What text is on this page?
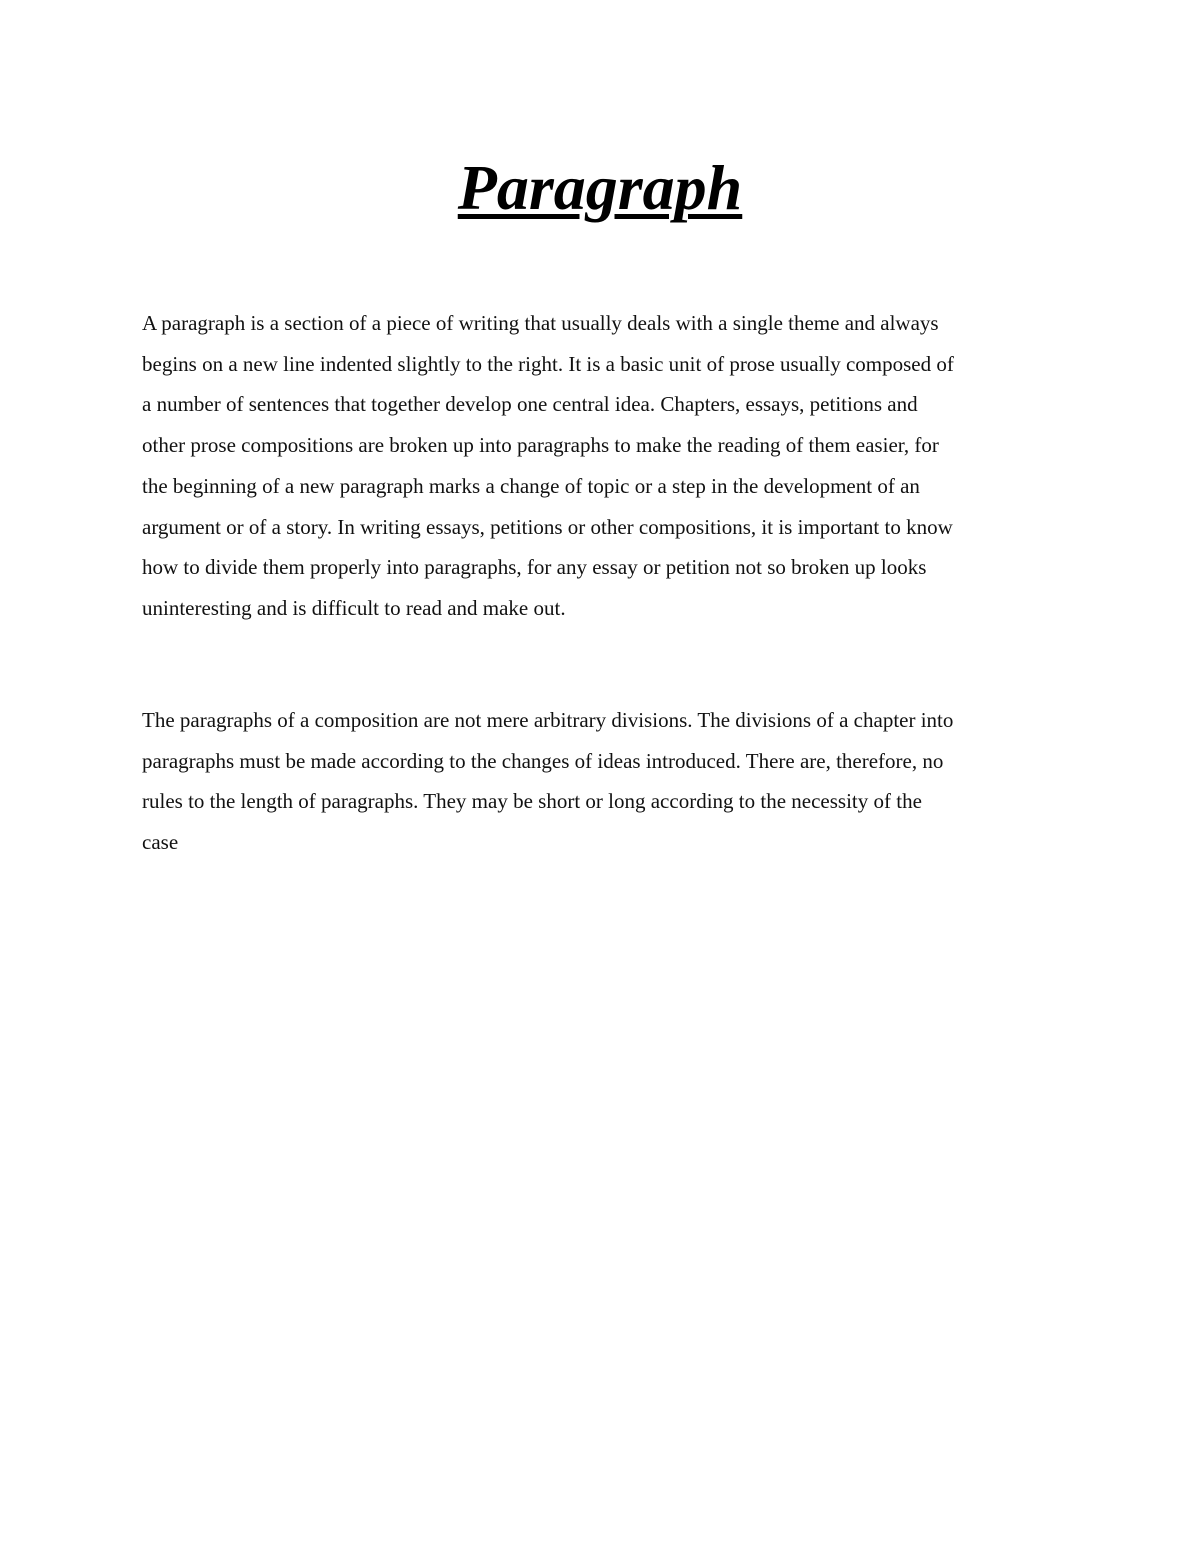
Paragraph

A paragraph is a section of a piece of writing that usually deals with a single theme and always
begins on a new line indented slightly to the right. It is a basic unit of prose usually composed of
a number of sentences that together develop one central idea. Chapters, essays, petitions and
other prose compositions are broken up into paragraphs to make the reading of them easier, for
the beginning of a new paragraph marks a change of topic or a step in the development of an
argument or of a story. In writing essays, petitions or other compositions, it is important to know
how to divide them properly into paragraphs, for any essay or petition not so broken up looks
uninteresting and is difficult to read and make out.

The paragraphs of a composition are not mere arbitrary divisions. The divisions of a chapter into
paragraphs must be made according to the changes of ideas introduced. There are, therefore, no
rules to the length of paragraphs. They may be short or long according to the necessity of the
case
